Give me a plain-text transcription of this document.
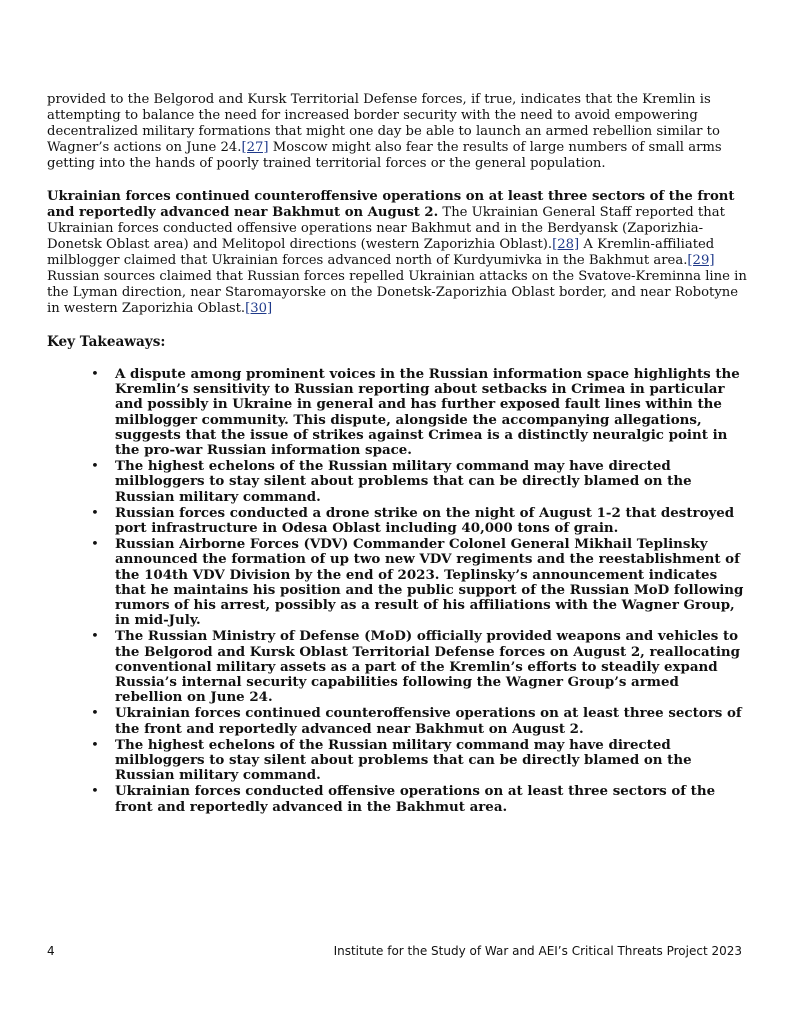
provided to the Belgorod and Kursk Territorial Defense forces, if true, indicates that the Kremlin is attempting to balance the need for increased border security with the need to avoid empowering decentralized military formations that might one day be able to launch an armed rebellion similar to Wagner’s actions on June 24.[27] Moscow might also fear the results of large numbers of small arms getting into the hands of poorly trained territorial forces or the general population.

Ukrainian forces continued counteroffensive operations on at least three sectors of the front and reportedly advanced near Bakhmut on August 2. The Ukrainian General Staff reported that Ukrainian forces conducted offensive operations near Bakhmut and in the Berdyansk (Zaporizhia-Donetsk Oblast area) and Melitopol directions (western Zaporizhia Oblast).[28] A Kremlin-affiliated milblogger claimed that Ukrainian forces advanced north of Kurdyumivka in the Bakhmut area.[29] Russian sources claimed that Russian forces repelled Ukrainian attacks on the Svatove-Kreminna line in the Lyman direction, near Staromayorske on the Donetsk-Zaporizhia Oblast border, and near Robotyne in western Zaporizhia Oblast.[30]

Key Takeaways:
• A dispute among prominent voices in the Russian information space highlights the Kremlin’s sensitivity to Russian reporting about setbacks in Crimea in particular and possibly in Ukraine in general and has further exposed fault lines within the milblogger community. This dispute, alongside the accompanying allegations, suggests that the issue of strikes against Crimea is a distinctly neuralgic point in the pro-war Russian information space.
• The highest echelons of the Russian military command may have directed milbloggers to stay silent about problems that can be directly blamed on the Russian military command.
• Russian forces conducted a drone strike on the night of August 1-2 that destroyed port infrastructure in Odesa Oblast including 40,000 tons of grain.
• Russian Airborne Forces (VDV) Commander Colonel General Mikhail Teplinsky announced the formation of up two new VDV regiments and the reestablishment of the 104th VDV Division by the end of 2023. Teplinsky’s announcement indicates that he maintains his position and the public support of the Russian MoD following rumors of his arrest, possibly as a result of his affiliations with the Wagner Group, in mid-July.
• The Russian Ministry of Defense (MoD) officially provided weapons and vehicles to the Belgorod and Kursk Oblast Territorial Defense forces on August 2, reallocating conventional military assets as a part of the Kremlin’s efforts to steadily expand Russia’s internal security capabilities following the Wagner Group’s armed rebellion on June 24.
• Ukrainian forces continued counteroffensive operations on at least three sectors of the front and reportedly advanced near Bakhmut on August 2.
• The highest echelons of the Russian military command may have directed milbloggers to stay silent about problems that can be directly blamed on the Russian military command.
• Ukrainian forces conducted offensive operations on at least three sectors of the front and reportedly advanced in the Bakhmut area.
4	Institute for the Study of War and AEI’s Critical Threats Project 2023
